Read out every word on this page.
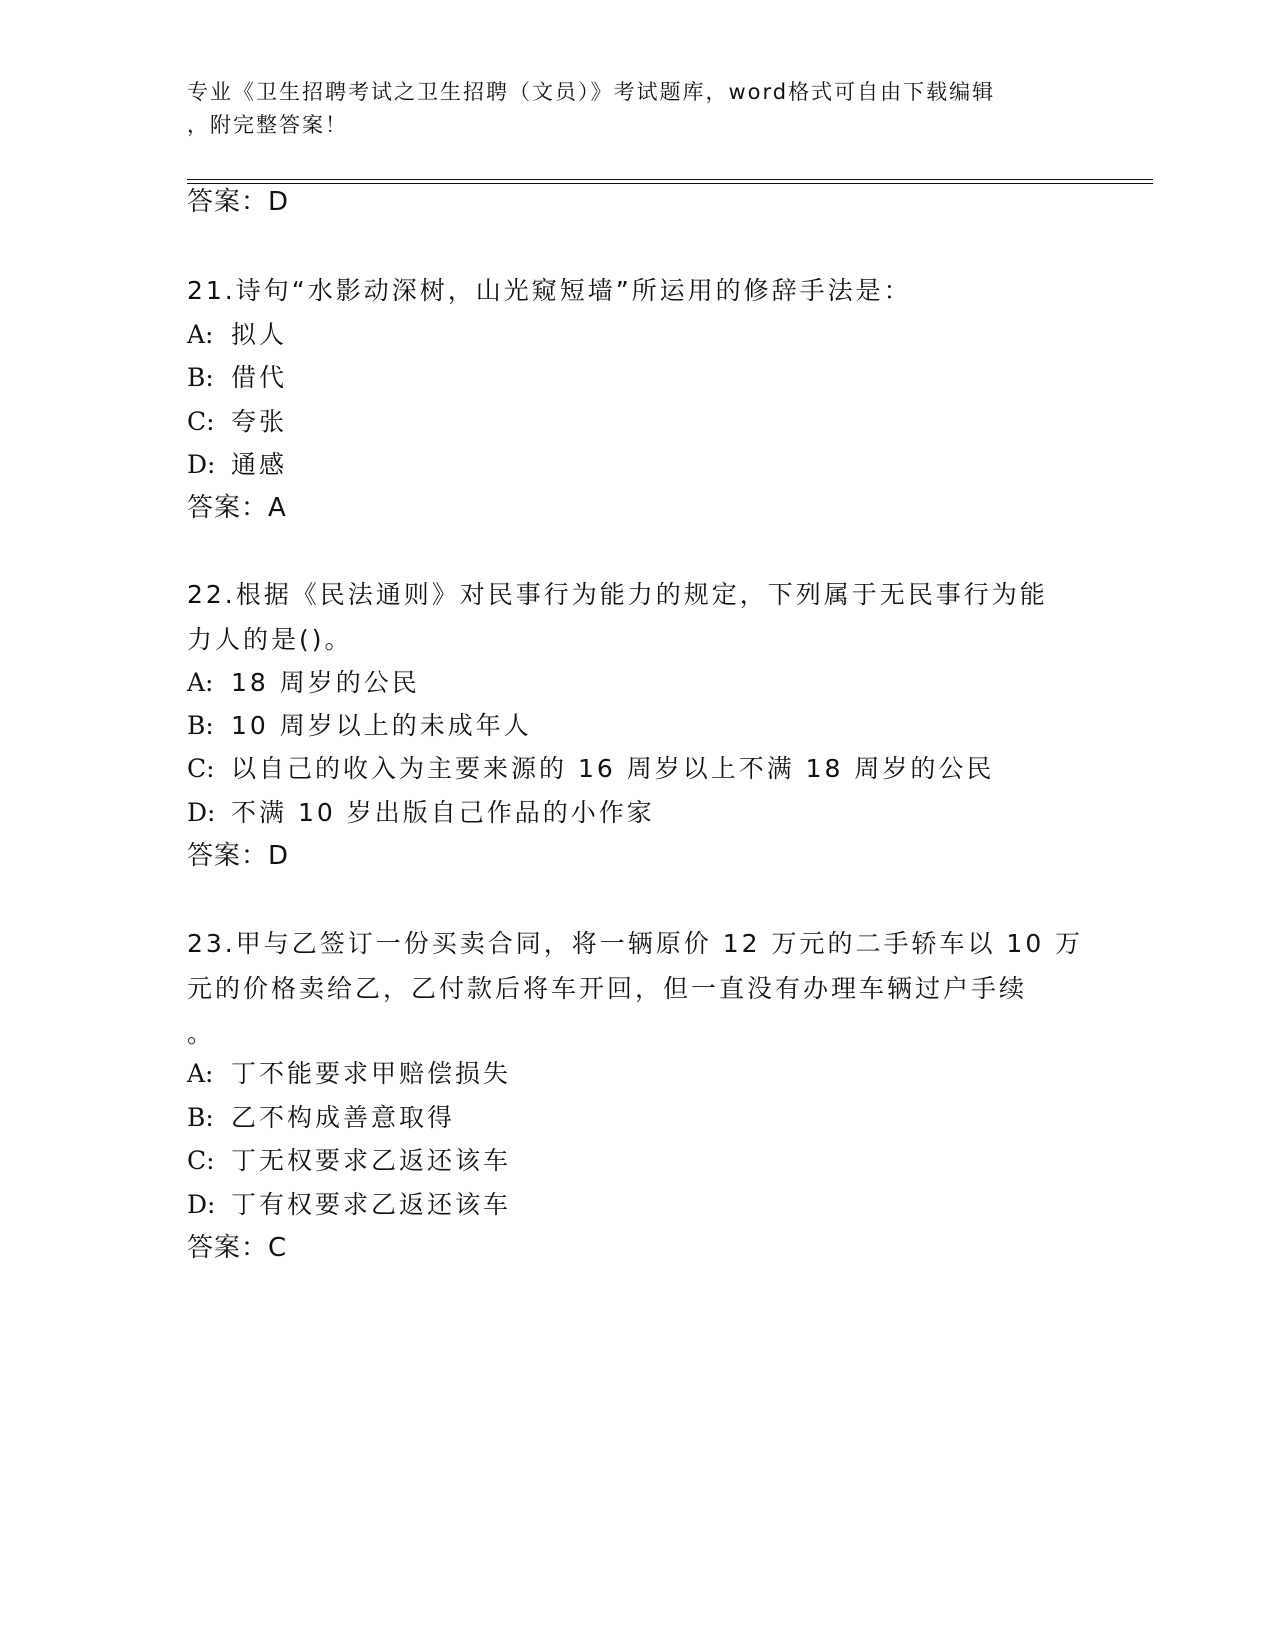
专业《卫生招聘考试之卫生招聘（文员）》考试题库，word格式可自由下载编辑
，附完整答案！
答案：D
21.诗句“水影动深树，山光窥短墙”所运用的修辞手法是：
A: 拟人
B: 借代
C: 夸张
D: 通感
答案：A
22.根据《民法通则》对民事行为能力的规定，下列属于无民事行为能
力人的是()。
A: 18 周岁的公民
B: 10 周岁以上的未成年人
C: 以自己的收入为主要来源的 16 周岁以上不满 18 周岁的公民
D: 不满 10 岁出版自己作品的小作家
答案：D
23.甲与乙签订一份买卖合同，将一辆原价 12 万元的二手轿车以 10 万
元的价格卖给乙，乙付款后将车开回，但一直没有办理车辆过户手续
。
A: 丁不能要求甲赔偿损失
B: 乙不构成善意取得
C: 丁无权要求乙返还该车
D: 丁有权要求乙返还该车
答案：C
